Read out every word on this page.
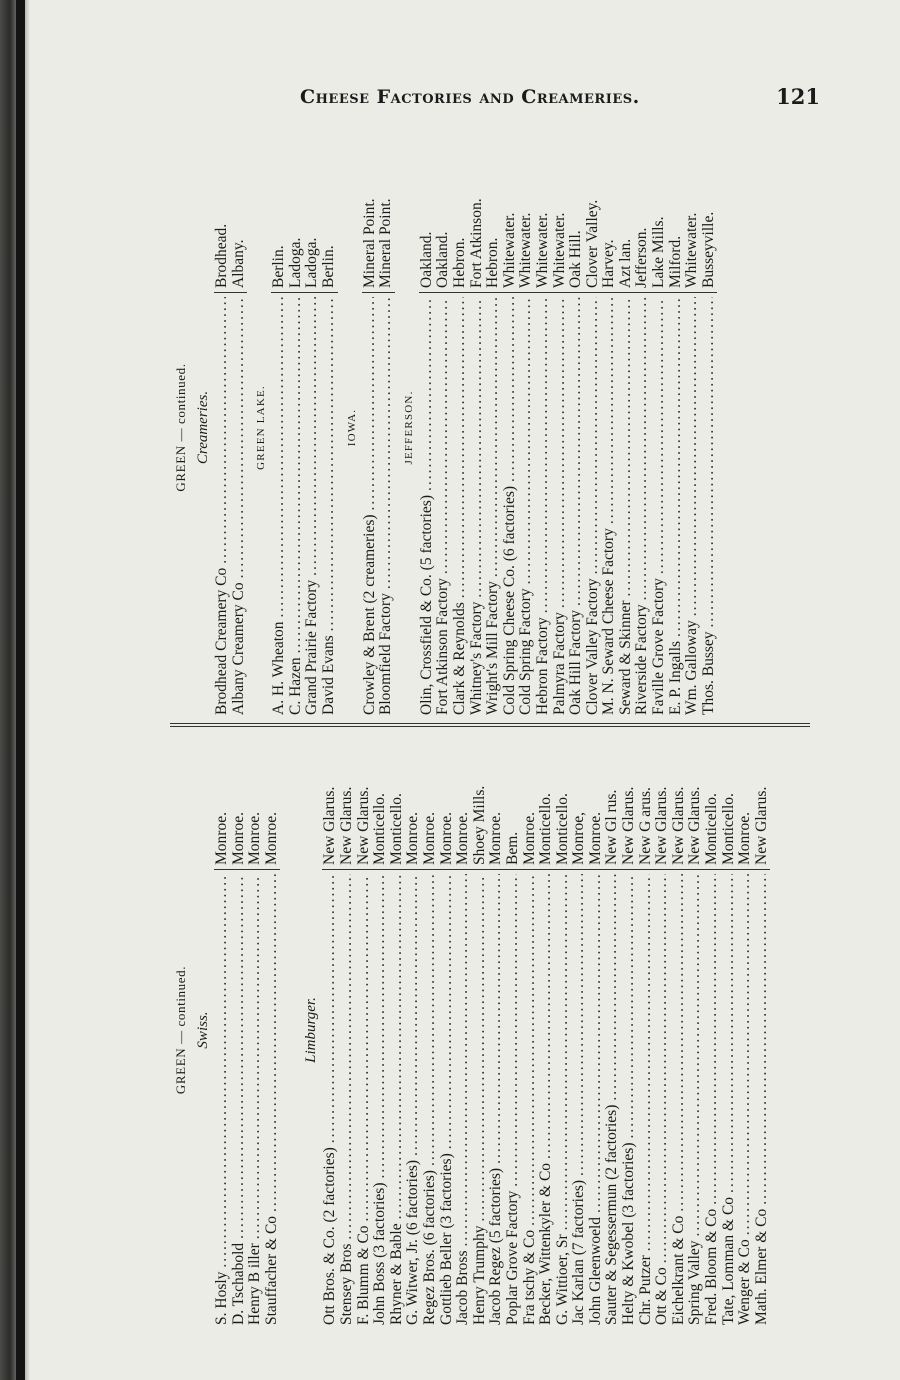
Cheese Factories and Creameries.	121
GREEN — continued. Swiss.
S. Hosly
.....
Monroe.
D. Tschabold
.....
Monroe.
Henry B iller
.....
Monroe.
Stauffacher & Co
.....
Monroe.
Limburger.
Ott Bros. & Co. (2 factories)
.....
New Glarus.
Stensey Bros
.....
New Glarus.
F. Blumm & Co
.....
New Glarus.
John Boss (3 factories)
.....
Monticello.
Rhyner & Bable
.....
Monticello.
G. Witwer, Jr. (6 factories)
.....
Monroe.
Regez Bros. (6 factories)
.....
Monroe.
Gottlieb Beller (3 factories)
.....
Monroe.
Jacob Bross
.....
Monroe.
Henry Trumphy
.....
Shoey Mills.
Jacob Regez (5 factories)
.....
Monroe.
Poplar Grove Factory
.....
Bem.
Fra tschy & Co
.....
Monroe.
Becker, Wittenkyler & Co
.....
Monticello.
G. Wittioer, Sr
.....
Monticello.
Jac Karlan (7 factories)
.....
Monroe,
John Gleenwoeld
.....
Monroe.
Sauter & Segessermun (2 factories)
.....
New Gl rus.
Helty & Kwobel (3 factories)
.....
New Glarus.
Chr. Putzer
.....
New G arus.
Ott & Co
.....
New Glarus.
Eichelkrant & Co
.....
New Glarus.
Spring Valley
.....
New Glarus.
Fred. Bloom & Co
.....
Monticello.
Tate, Lomman & Co
.....
Monticello.
Wenger & Co
.....
Monroe.
Math. Elmer & Co
.....
New Glarus.
GREEN — continued. Creameries.
Brodhead Creamery Co
.....
Brodhead.
Albany Creamery Co
.....
Albany.
GREEN LAKE.
A. H. Wheaton
.....
Berlin.
C. Hazen
.....
Ladoga.
Grand Prairie Factory
.....
Ladoga.
David Evans
.....
Berlin.
IOWA.
Crowley & Brent (2 creameries)
.....
Mineral Point.
Bloomfield Factory
.....
Mineral Point.
JEFFERSON.
Olin, Crossfield & Co. (5 factories)
.....
Oakland.
Fort Atkinson Factory
.....
Oakland.
Clark & Reynolds
.....
Hebron.
Whitney's Factory
.....
Fort Atkinson.
Wright's Mill Factory
.....
Hebron.
Cold Spring Cheese Co. (6 factories)
.....
Whitewater.
Cold Spring Factory
.....
Whitewater.
Hebron Factory
.....
Whitewater.
Palmyra Factory
.....
Whitewater.
Oak Hill Factory
.....
Oak Hill.
Clover Valley Factory
.....
Clover Valley.
M. N. Seward Cheese Factory
.....
Harvey.
Seward & Skinner
.....
Azt lan.
Riverside Factory
.....
Jefferson.
Faville Grove Factory
.....
Lake Mills.
E. P. Ingalls
.....
Milford.
Wm. Galloway
.....
Whitewater.
Thos. Bussey
.....
Busseyville.
